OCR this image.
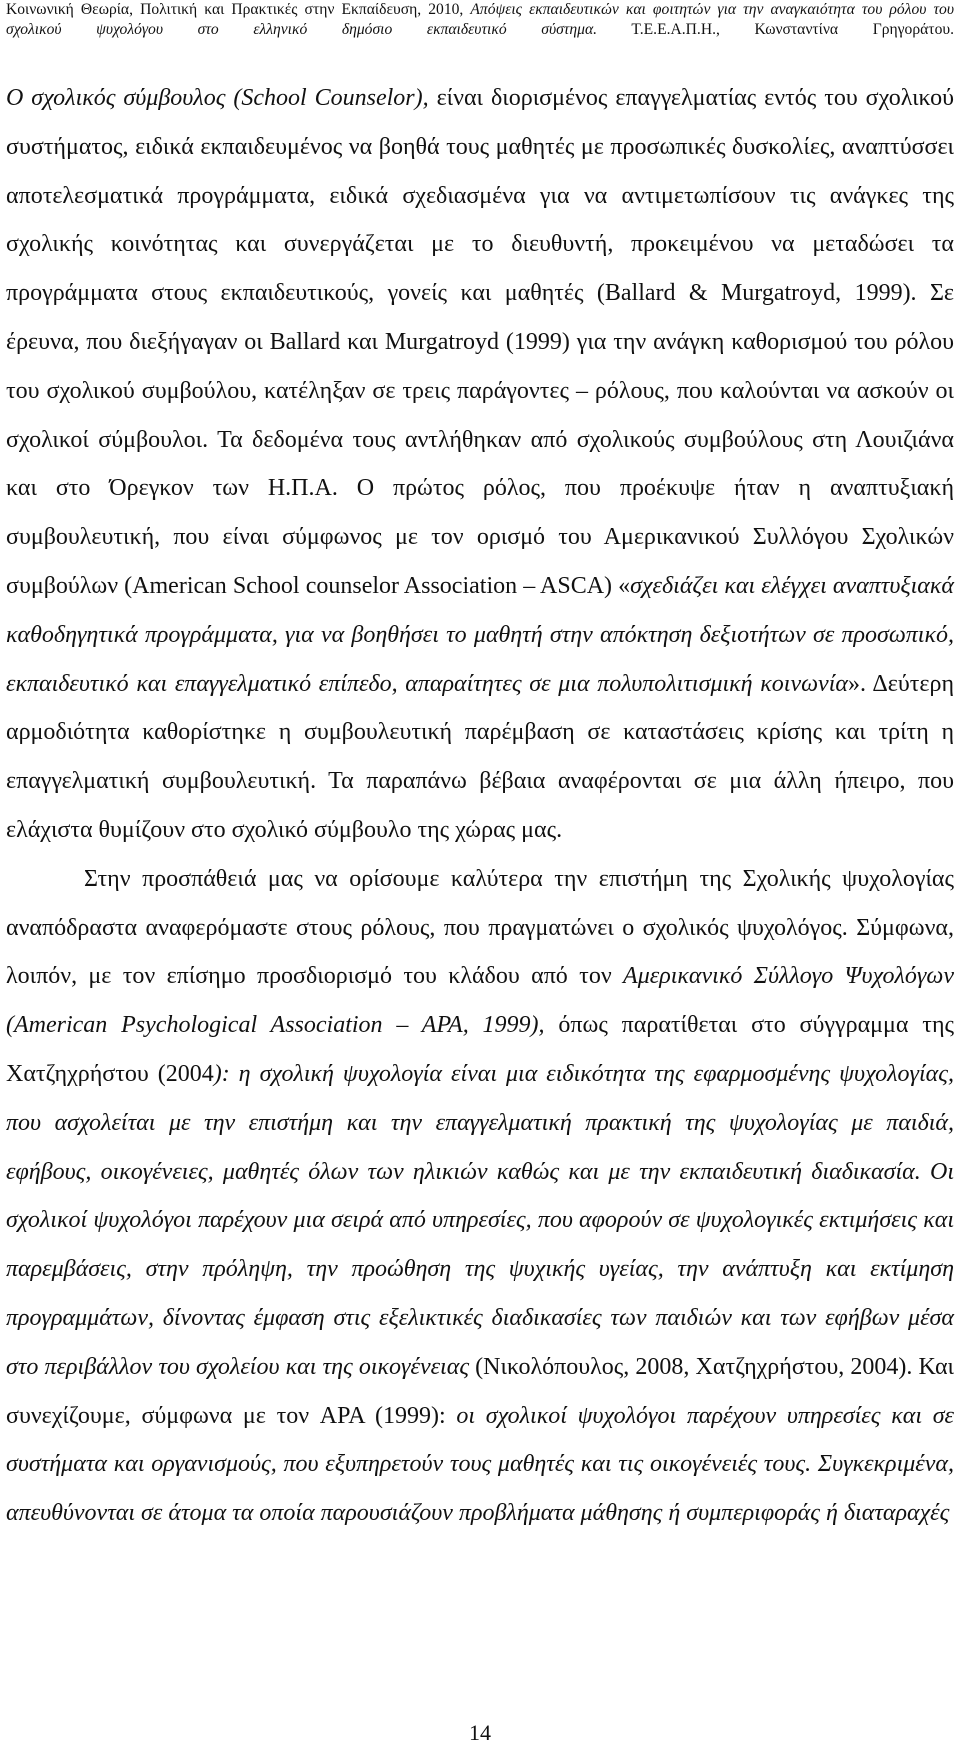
Κοινωνική Θεωρία, Πολιτική και Πρακτικές στην Εκπαίδευση, 2010, Απόψεις εκπαιδευτικών και φοιτητών για την αναγκαιότητα του ρόλου του
σχολικού ψυχολόγου στο ελληνικό δημόσιο εκπαιδευτικό σύστημα. Τ.Ε.Ε.Α.Π.Η., Κωνσταντίνα Γρηγοράτου.

Ο σχολικός σύμβουλος (School Counselor), είναι διορισμένος επαγγελματίας εντός του σχολικού συστήματος, ειδικά εκπαιδευμένος να βοηθά τους μαθητές με προσωπικές δυσκολίες, αναπτύσσει αποτελεσματικά προγράμματα, ειδικά σχεδιασμένα για να αντιμετωπίσουν τις ανάγκες της σχολικής κοινότητας και συνεργάζεται με το διευθυντή, προκειμένου να μεταδώσει τα προγράμματα στους εκπαιδευτικούς, γονείς και μαθητές (Ballard & Murgatroyd, 1999). Σε έρευνα, που διεξήγαγαν οι Ballard και Murgatroyd (1999) για την ανάγκη καθορισμού του ρόλου του σχολικού συμβούλου, κατέληξαν σε τρεις παράγοντες – ρόλους, που καλούνται να ασκούν οι σχολικοί σύμβουλοι. Τα δεδομένα τους αντλήθηκαν από σχολικούς συμβούλους στη Λουιζιάνα και στο Όρεγκον των Η.Π.Α. Ο πρώτος ρόλος, που προέκυψε ήταν η αναπτυξιακή συμβουλευτική, που είναι σύμφωνος με τον ορισμό του Αμερικανικού Συλλόγου Σχολικών συμβούλων (American School counselor Association – ASCA) «σχεδιάζει και ελέγχει αναπτυξιακά καθοδηγητικά προγράμματα, για να βοηθήσει το μαθητή στην απόκτηση δεξιοτήτων σε προσωπικό, εκπαιδευτικό και επαγγελματικό επίπεδο, απαραίτητες σε μια πολυπολιτισμική κοινωνία». Δεύτερη αρμοδιότητα καθορίστηκε η συμβουλευτική παρέμβαση σε καταστάσεις κρίσης και τρίτη η επαγγελματική συμβουλευτική. Τα παραπάνω βέβαια αναφέρονται σε μια άλλη ήπειρο, που ελάχιστα θυμίζουν στο σχολικό σύμβουλο της χώρας μας.

Στην προσπάθειά μας να ορίσουμε καλύτερα την επιστήμη της Σχολικής ψυχολογίας αναπόδραστα αναφερόμαστε στους ρόλους, που πραγματώνει ο σχολικός ψυχολόγος. Σύμφωνα, λοιπόν, με τον επίσημο προσδιορισμό του κλάδου από τον Αμερικανικό Σύλλογο Ψυχολόγων (American Psychological Association – APA, 1999), όπως παρατίθεται στο σύγγραμμα της Χατζηχρήστου (2004): η σχολική ψυχολογία είναι μια ειδικότητα της εφαρμοσμένης ψυχολογίας, που ασχολείται με την επιστήμη και την επαγγελματική πρακτική της ψυχολογίας με παιδιά, εφήβους, οικογένειες, μαθητές όλων των ηλικιών καθώς και με την εκπαιδευτική διαδικασία. Οι σχολικοί ψυχολόγοι παρέχουν μια σειρά από υπηρεσίες, που αφορούν σε ψυχολογικές εκτιμήσεις και παρεμβάσεις, στην πρόληψη, την προώθηση της ψυχικής υγείας, την ανάπτυξη και εκτίμηση προγραμμάτων, δίνοντας έμφαση στις εξελικτικές διαδικασίες των παιδιών και των εφήβων μέσα στο περιβάλλον του σχολείου και της οικογένειας (Νικολόπουλος, 2008, Χατζηχρήστου, 2004). Και συνεχίζουμε, σύμφωνα με τον APA (1999): οι σχολικοί ψυχολόγοι παρέχουν υπηρεσίες και σε συστήματα και οργανισμούς, που εξυπηρετούν τους μαθητές και τις οικογένειές τους. Συγκεκριμένα, απευθύνονται σε άτομα τα οποία παρουσιάζουν προβλήματα μάθησης ή συμπεριφοράς ή διαταραχές

14
